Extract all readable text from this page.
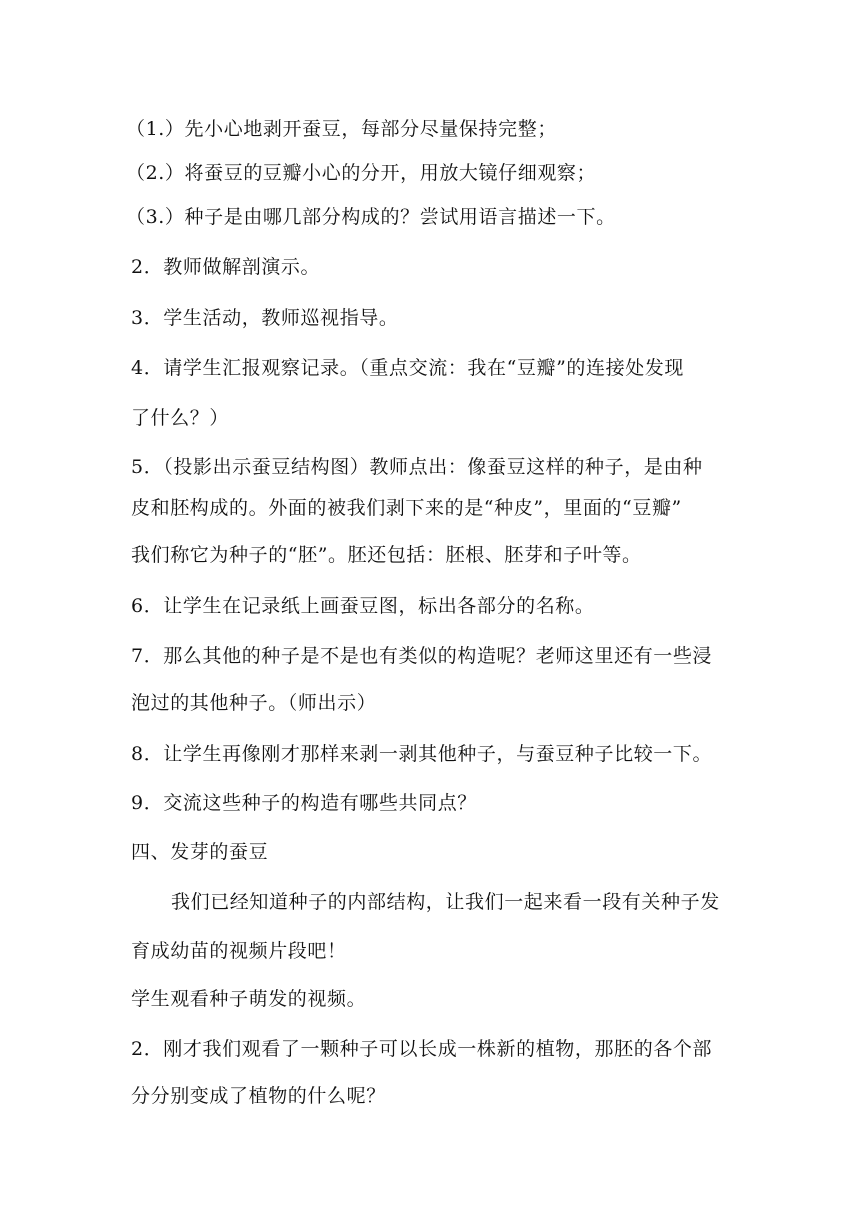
（1.）先小心地剥开蚕豆，每部分尽量保持完整；
（2.）将蚕豆的豆瓣小心的分开，用放大镜仔细观察；
（3.）种子是由哪几部分构成的？尝试用语言描述一下。
2．教师做解剖演示。
3．学生活动，教师巡视指导。
4．请学生汇报观察记录。（重点交流：我在“豆瓣”的连接处发现
了什么？）
5．（投影出示蚕豆结构图）教师点出：像蚕豆这样的种子，是由种
皮和胚构成的。外面的被我们剥下来的是“种皮”，里面的“豆瓣”
我们称它为种子的“胚”。胚还包括：胚根、胚芽和子叶等。
6．让学生在记录纸上画蚕豆图，标出各部分的名称。
7．那么其他的种子是不是也有类似的构造呢？老师这里还有一些浸
泡过的其他种子。（师出示）
8．让学生再像刚才那样来剥一剥其他种子，与蚕豆种子比较一下。
9．交流这些种子的构造有哪些共同点？
四、发芽的蚕豆
我们已经知道种子的内部结构，让我们一起来看一段有关种子发
育成幼苗的视频片段吧！
学生观看种子萌发的视频。
2．刚才我们观看了一颗种子可以长成一株新的植物，那胚的各个部
分分别变成了植物的什么呢？
